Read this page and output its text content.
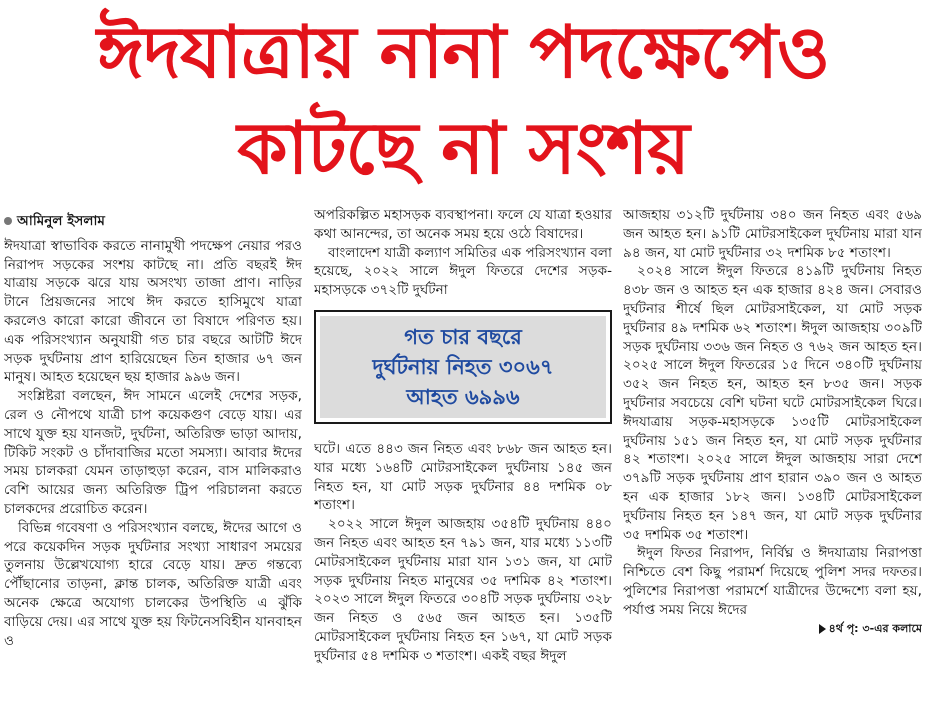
ঈদযাত্রায় নানা পদক্ষেপেও
কাটছে না সংশয়
আমিনুল ইসলাম

ঈদযাত্রা স্বাভাবিক করতে নানামুখী পদক্ষেপ নেয়ার পরও নিরাপদ সড়কের সংশয় কাটছে না। প্রতি বছরই ঈদ যাত্রায় সড়কে ঝরে যায় অসংখ্য তাজা প্রাণ। নাড়ির টানে প্রিয়জনের সাথে ঈদ করতে হাসিমুখে যাত্রা করলেও কারো কারো জীবনে তা বিষাদে পরিণত হয়। এক পরিসংখ্যান অনুযায়ী গত চার বছরে আটটি ঈদে সড়ক দুর্ঘটনায় প্রাণ হারিয়েছেন তিন হাজার ৬৭ জন মানুষ। আহত হয়েছেন ছয় হাজার ৯৯৬ জন।

সংশ্লিষ্টরা বলছেন, ঈদ সামনে এলেই দেশের সড়ক, রেল ও নৌপথে যাত্রী চাপ কয়েকগুণ বেড়ে যায়। এর সাথে যুক্ত হয় যানজট, দুর্ঘটনা, অতিরিক্ত ভাড়া আদায়, টিকিট সংকট ও চাঁদাবাজির মতো সমস্যা। আবার ঈদের সময় চালকরা যেমন তাড়াহুড়া করেন, বাস মালিকরাও বেশি আয়ের জন্য অতিরিক্ত ট্রিপ পরিচালনা করতে চালকদের প্ররোচিত করেন।

বিভিন্ন গবেষণা ও পরিসংখ্যান বলছে, ঈদের আগে ও পরে কয়েকদিন সড়ক দুর্ঘটনার সংখ্যা সাধারণ সময়ের তুলনায় উল্লেখযোগ্য হারে বেড়ে যায়। দ্রুত গন্তব্যে পৌঁছানোর তাড়না, ক্লান্ত চালক, অতিরিক্ত যাত্রী এবং অনেক ক্ষেত্রে অযোগ্য চালকের উপস্থিতি এ ঝুঁকি বাড়িয়ে দেয়। এর সাথে যুক্ত হয় ফিটনেসবিহীন যানবাহন ও

অপরিকল্পিত মহাসড়ক ব্যবস্থাপনা। ফলে যে যাত্রা হওয়ার কথা আনন্দের, তা অনেক সময় হয়ে ওঠে বিষাদের।

বাংলাদেশ যাত্রী কল্যাণ সমিতির এক পরিসংখ্যান বলা হয়েছে, ২০২২ সালে ঈদুল ফিতরে দেশের সড়ক-মহাসড়কে ৩৭২টি দুর্ঘটনা

গত চার বছরে
দুর্ঘটনায় নিহত ৩০৬৭
আহত ৬৯৯৬

ঘটে। এতে ৪৪৩ জন নিহত এবং ৮৬৮ জন আহত হন। যার মধ্যে ১৬৪টি মোটরসাইকেল দুর্ঘটনায় ১৪৫ জন নিহত হন, যা মোট সড়ক দুর্ঘটনার ৪৪ দশমিক ০৮ শতাংশ।

২০২২ সালে ঈদুল আজহায় ৩৫৪টি দুর্ঘটনায় ৪৪০ জন নিহত এবং আহত হন ৭৯১ জন, যার মধ্যে ১১৩টি মোটরসাইকেল দুর্ঘটনায় মারা যান ১৩১ জন, যা মোট সড়ক দুর্ঘটনায় নিহত মানুষের ৩৫ দশমিক ৪২ শতাংশ। ২০২৩ সালে ঈদুল ফিতরে ৩০৪টি সড়ক দুর্ঘটনায় ৩২৮ জন নিহত ও ৫৬৫ জন আহত হন। ১৩৫টি মোটরসাইকেল দুর্ঘটনায় নিহত হন ১৬৭, যা মোট সড়ক দুর্ঘটনার ৫৪ দশমিক ৩ শতাংশ। একই বছর ঈদুল

আজহায় ৩১২টি দুর্ঘটনায় ৩৪০ জন নিহত এবং ৫৬৯ জন আহত হন। ৯১টি মোটরসাইকেল দুর্ঘটনায় মারা যান ৯৪ জন, যা মোট দুর্ঘটনার ৩২ দশমিক ৮৫ শতাংশ।

২০২৪ সালে ঈদুল ফিতরে ৪১৯টি দুর্ঘটনায় নিহত ৪৩৮ জন ও আহত হন এক হাজার ৪২৪ জন। সেবারও দুর্ঘটনার শীর্ষে ছিল মোটরসাইকেল, যা মোট সড়ক দুর্ঘটনার ৪৯ দশমিক ৬২ শতাংশ। ঈদুল আজহায় ৩০৯টি সড়ক দুর্ঘটনায় ৩৩৬ জন নিহত ও ৭৬২ জন আহত হন। ২০২৫ সালে ঈদুল ফিতরের ১৫ দিনে ৩৪০টি দুর্ঘটনায় ৩৫২ জন নিহত হন, আহত হন ৮৩৫ জন। সড়ক দুর্ঘটনার সবচেয়ে বেশি ঘটনা ঘটে মোটরসাইকেল ঘিরে। ঈদযাত্রায় সড়ক-মহাসড়কে ১৩৫টি মোটরসাইকেল দুর্ঘটনায় ১৫১ জন নিহত হন, যা মোট সড়ক দুর্ঘটনার ৪২ শতাংশ। ২০২৫ সালে ঈদুল আজহায় সারা দেশে ৩৭৯টি সড়ক দুর্ঘটনায় প্রাণ হারান ৩৯০ জন ও আহত হন এক হাজার ১৮২ জন। ১৩৪টি মোটরসাইকেল দুর্ঘটনায় নিহত হন ১৪৭ জন, যা মোট সড়ক দুর্ঘটনার ৩৫ দশমিক ৩৫ শতাংশ।

ঈদুল ফিতর নিরাপদ, নির্বিঘ্ন ও ঈদযাত্রায় নিরাপত্তা নিশ্চিতে বেশ কিছু পরামর্শ দিয়েছে পুলিশ সদর দফতর। পুলিশের নিরাপত্তা পরামর্শে যাত্রীদের উদ্দেশ্যে বলা হয়, পর্যাপ্ত সময় নিয়ে ঈদের

৪র্থ পৃ: ৩-এর কলামে
